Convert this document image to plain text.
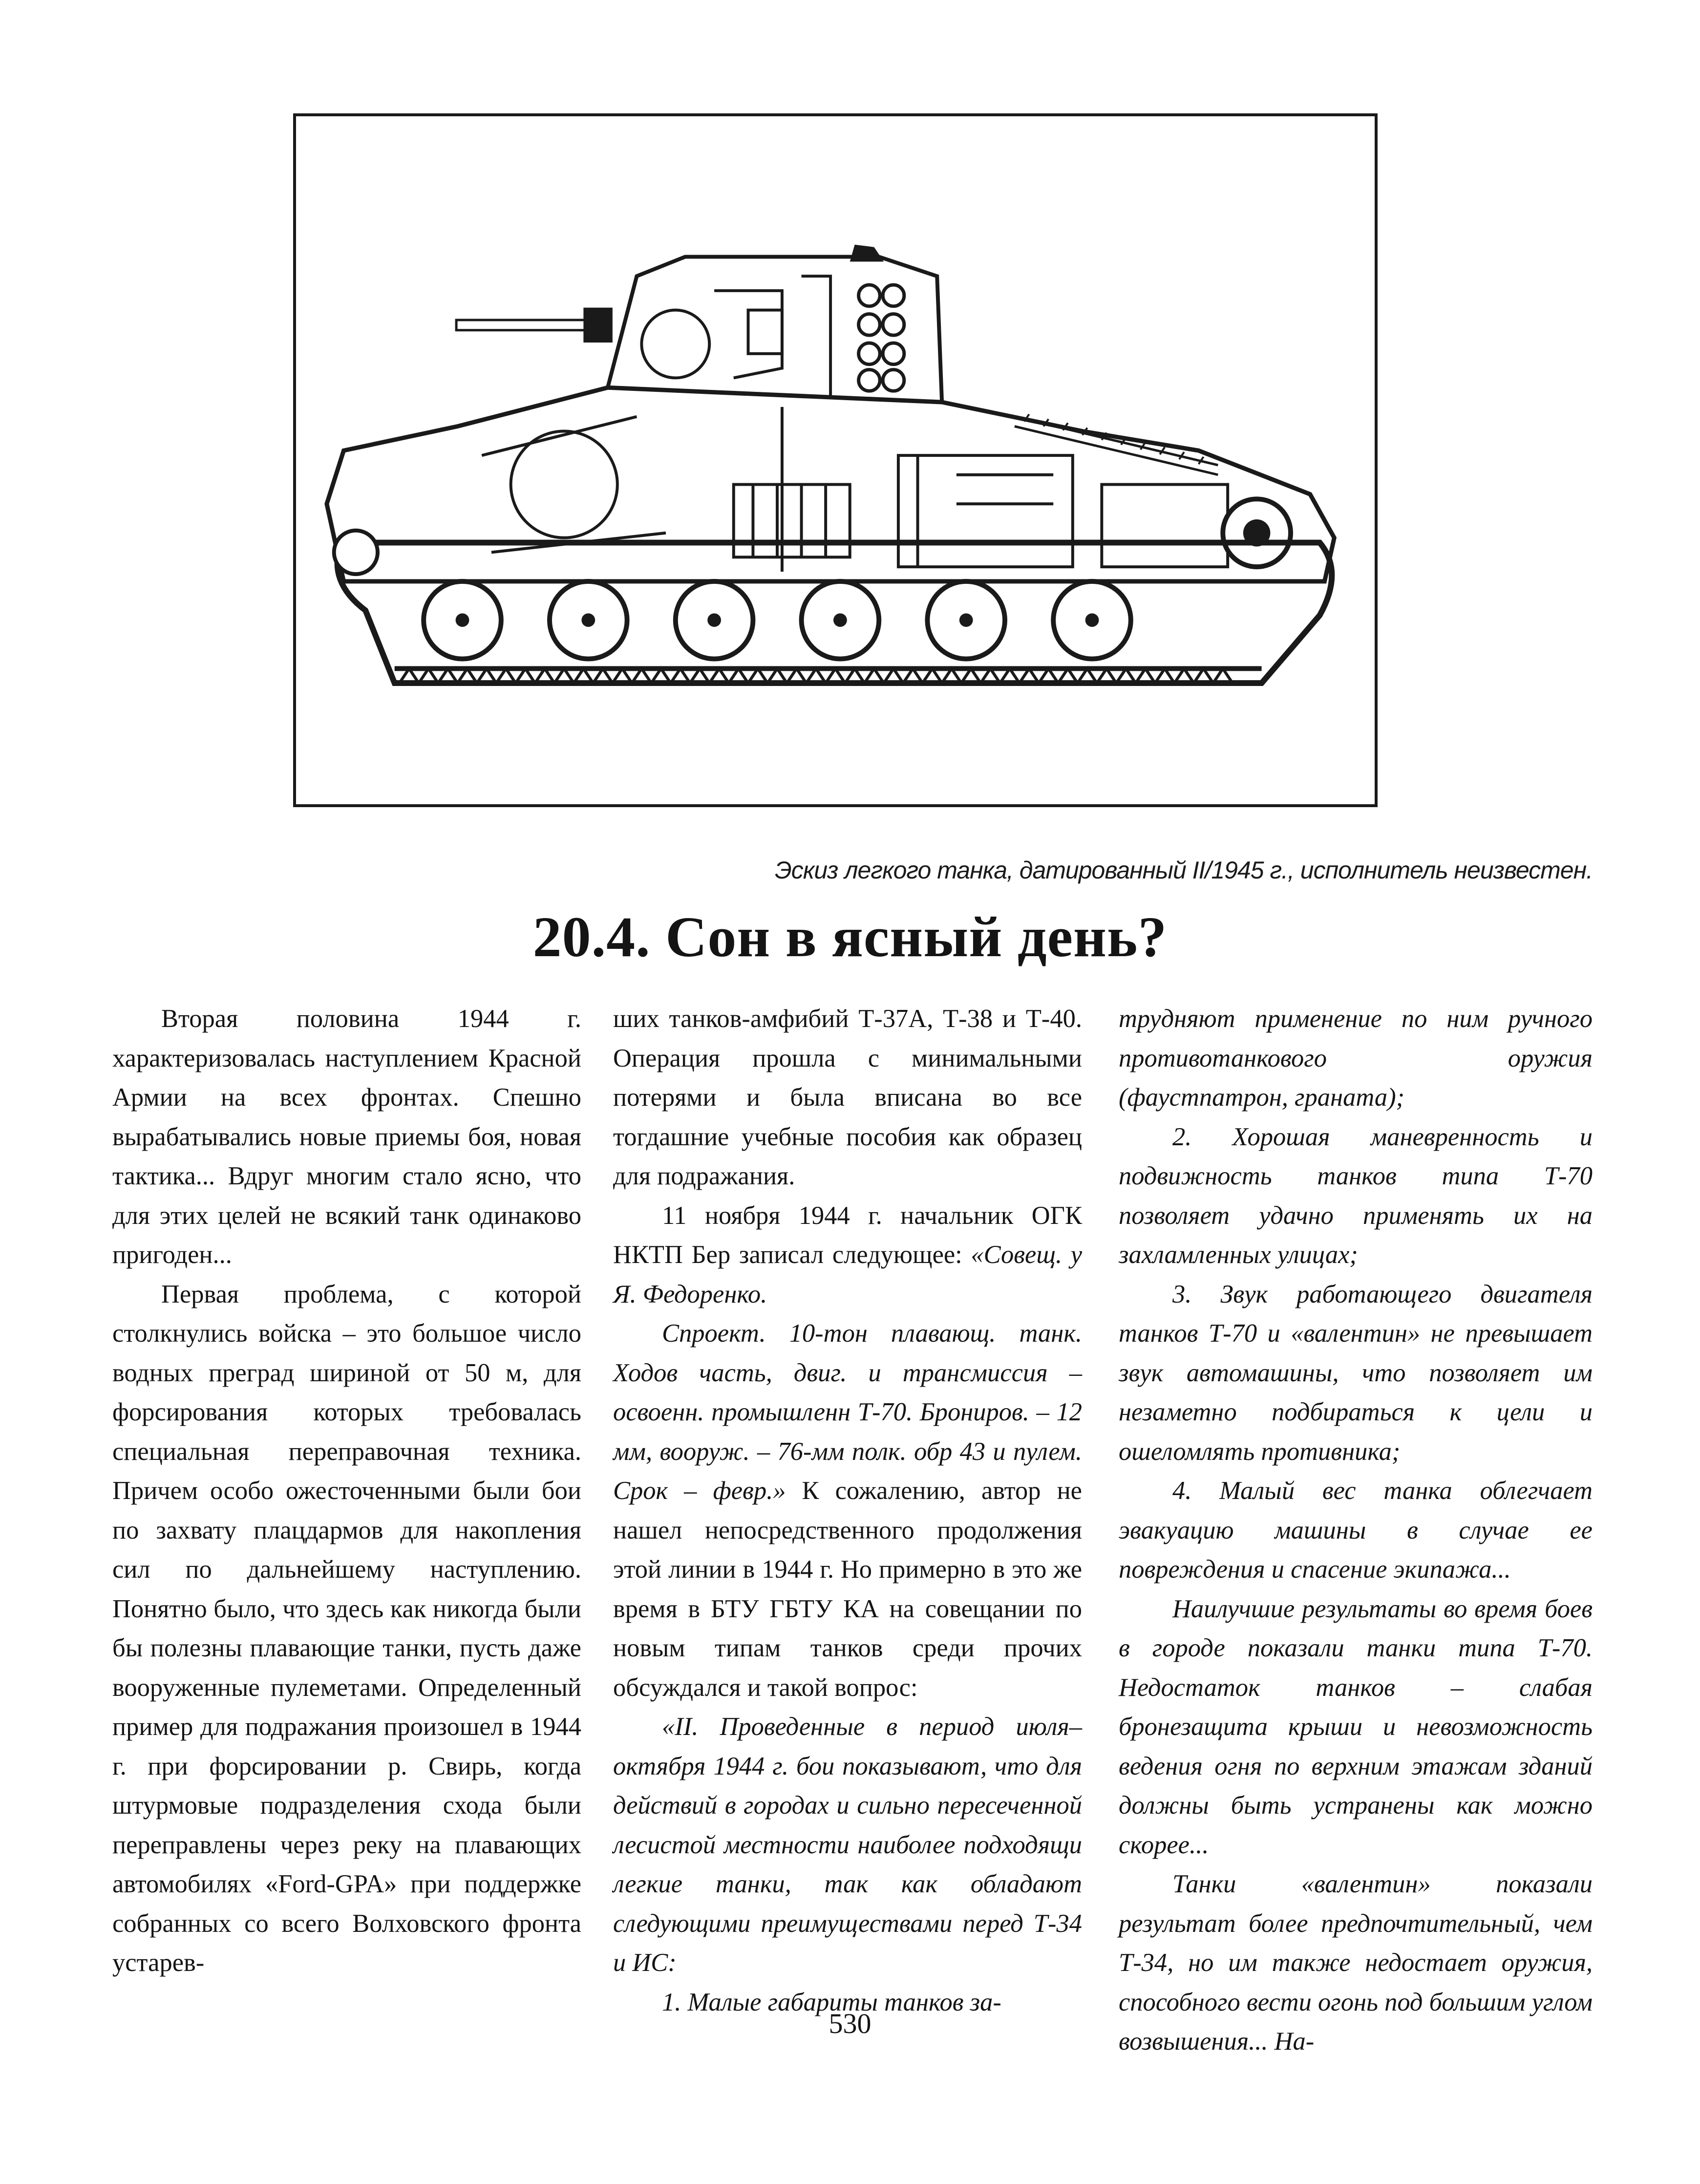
Эскиз легкого танка, датированный II/1945 г., исполнитель неизвестен.
20.4. Сон в ясный день?

Вторая половина 1944 г. характеризовалась наступлением Красной Армии на всех фронтах. Спешно вырабатывались новые приемы боя, новая тактика... Вдруг многим стало ясно, что для этих целей не всякий танк одинаково пригоден...

Первая проблема, с которой столкнулись войска – это большое число водных преград шириной от 50 м, для форсирования которых требовалась специальная переправочная техника. Причем особо ожесточенными были бои по захвату плацдармов для накопления сил по дальнейшему наступлению. Понятно было, что здесь как никогда были бы полезны плавающие танки, пусть даже вооруженные пулеметами. Определенный пример для подражания произошел в 1944 г. при форсировании р. Свирь, когда штурмовые подразделения схода были переправлены через реку на плавающих автомобилях «Ford-GPA» при поддержке собранных со всего Волховского фронта устарев-

ших танков-амфибий Т-37А, Т-38 и Т-40. Операция прошла с минимальными потерями и была вписана во все тогдашние учебные пособия как образец для подражания.

11 ноября 1944 г. начальник ОГК НКТП Бер записал следующее: «Совещ. у Я. Федоренко.

Спроект. 10-тон плавающ. танк. Ходов часть, двиг. и трансмиссия – освоенн. промышленн Т-70. Брониров. – 12 мм, вооруж. – 76-мм полк. обр 43 и пулем. Срок – февр.» К сожалению, автор не нашел непосредственного продолжения этой линии в 1944 г. Но примерно в это же время в БТУ ГБТУ КА на совещании по новым типам танков среди прочих обсуждался и такой вопрос:

«II. Проведенные в период июля–октября 1944 г. бои показывают, что для действий в городах и сильно пересеченной лесистой местности наиболее подходящи легкие танки, так как обладают следующими преимуществами перед Т-34 и ИС:

1. Малые габариты танков за-

трудняют применение по ним ручного противотанкового оружия (фаустпатрон, граната);

2. Хорошая маневренность и подвижность танков типа Т-70 позволяет удачно применять их на захламленных улицах;

3. Звук работающего двигателя танков Т-70 и «валентин» не превышает звук автомашины, что позволяет им незаметно подбираться к цели и ошеломлять противника;

4. Малый вес танка облегчает эвакуацию машины в случае ее повреждения и спасение экипажа...

Наилучшие результаты во время боев в городе показали танки типа Т-70. Недостаток танков – слабая бронезащита крыши и невозможность ведения огня по верхним этажам зданий должны быть устранены как можно скорее...

Танки «валентин» показали результат более предпочтительный, чем Т-34, но им также недостает оружия, способного вести огонь под большим углом возвышения... На-

530
